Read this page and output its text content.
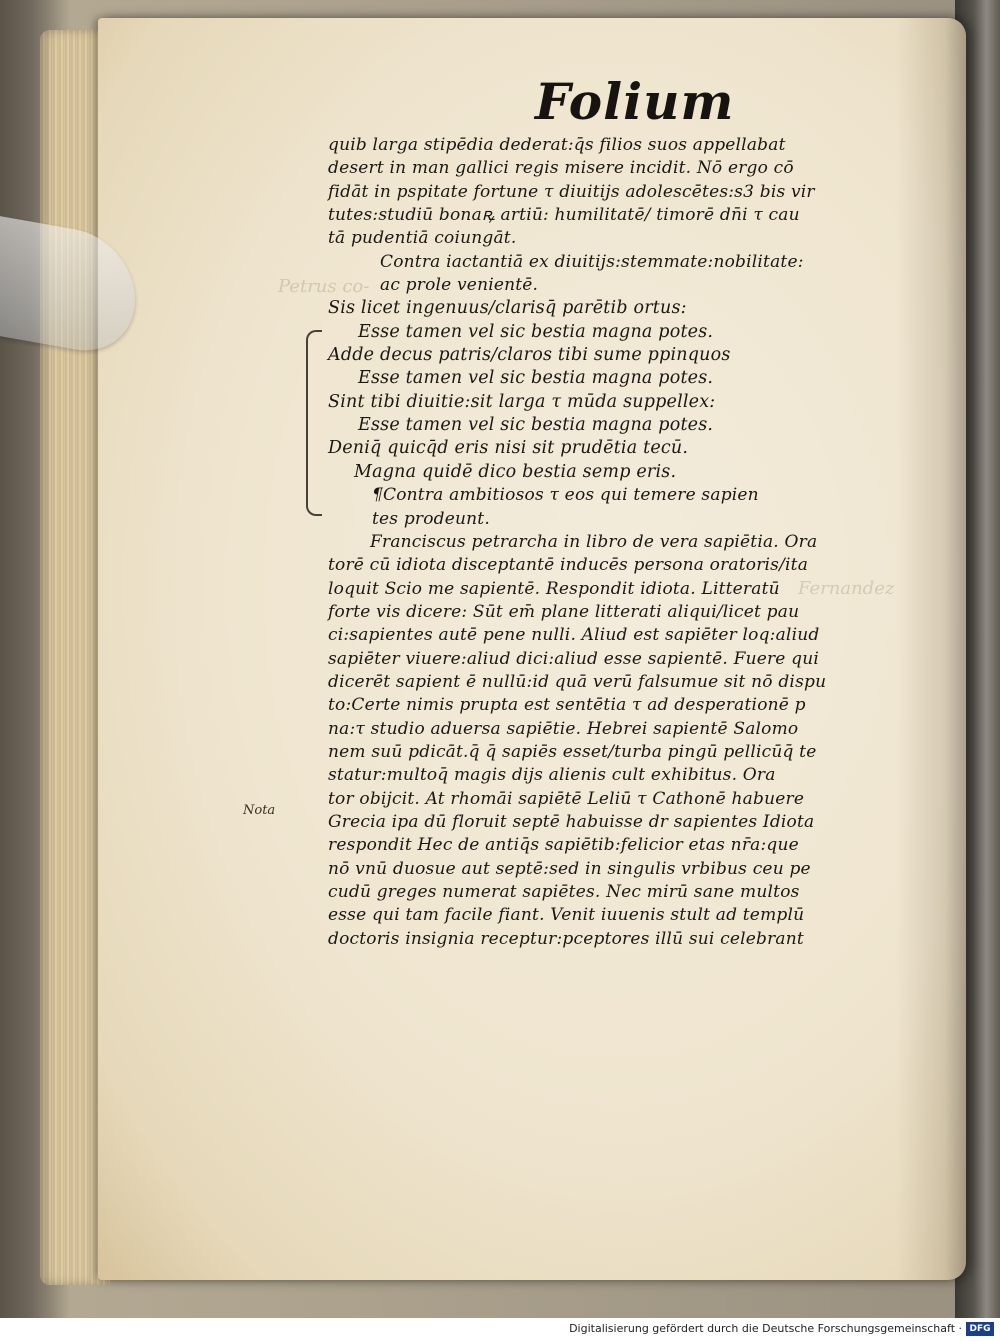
Petrus co-
Fernandez
Folium
Nota
quib larga stipēdia dederat:q̄s filios suos appellabat
desert in man gallici regis misere incidit. Nō ergo cō
fidāt in pspitate fortune τ diuitijs adolescētes:s3 bis vir
tutes:studiū bonaꝶ artiū: humilitatē/ timorē dn̄i τ cau
tā pudentiā coiungāt.
Contra iactantiā ex diuitijs:stemmate:nobilitate:
ac prole venientē.
Sis licet ingenuus/clarisq̄ parētib ortus:
Esse tamen vel sic bestia magna potes.
Adde decus patris/claros tibi sume ppinquos
Esse tamen vel sic bestia magna potes.
Sint tibi diuitie:sit larga τ mūda suppellex:
Esse tamen vel sic bestia magna potes.
Deniq̄ quicq̄d eris nisi sit prudētia tecū.
Magna quidē dico bestia semp eris.
¶Contra ambitiosos τ eos qui temere sapien
tes prodeunt.
Franciscus petrarcha in libro de vera sapiētia. Ora
torē cū idiota disceptantē inducēs persona oratoris/ita
loquit Scio me sapientē. Respondit idiota. Litteratū
forte vis dicere: Sūt em̄ plane litterati aliqui/licet pau
ci:sapientes autē pene nulli. Aliud est sapiēter loq:aliud
sapiēter viuere:aliud dici:aliud esse sapientē. Fuere qui
dicerēt sapient ē nullū:id quā verū falsumue sit nō dispu
to:Certe nimis prupta est sentētia τ ad desperationē p
na:τ studio aduersa sapiētie. Hebrei sapientē Salomo
nem suū pdicāt.q̄ q̄ sapiēs esset/turba pingū pellicūq̄ te
statur:multoq̄ magis dijs alienis cult exhibitus. Ora
tor obijcit. At rhomāi sapiētē Leliū τ Cathonē habuere
Grecia ipa dū floruit septē habuisse dr sapientes Idiota
respondit Hec de antiq̄s sapiētib:felicior etas nr̄a:que
nō vnū duosue aut septē:sed in singulis vrbibus ceu pe
cudū greges numerat sapiētes. Nec mirū sane multos
esse qui tam facile fiant. Venit iuuenis stult ad templū
doctoris insignia receptur:pceptores illū sui celebrant
Digitalisierung gefördert durch die Deutsche Forschungsgemeinschaft · DFG
